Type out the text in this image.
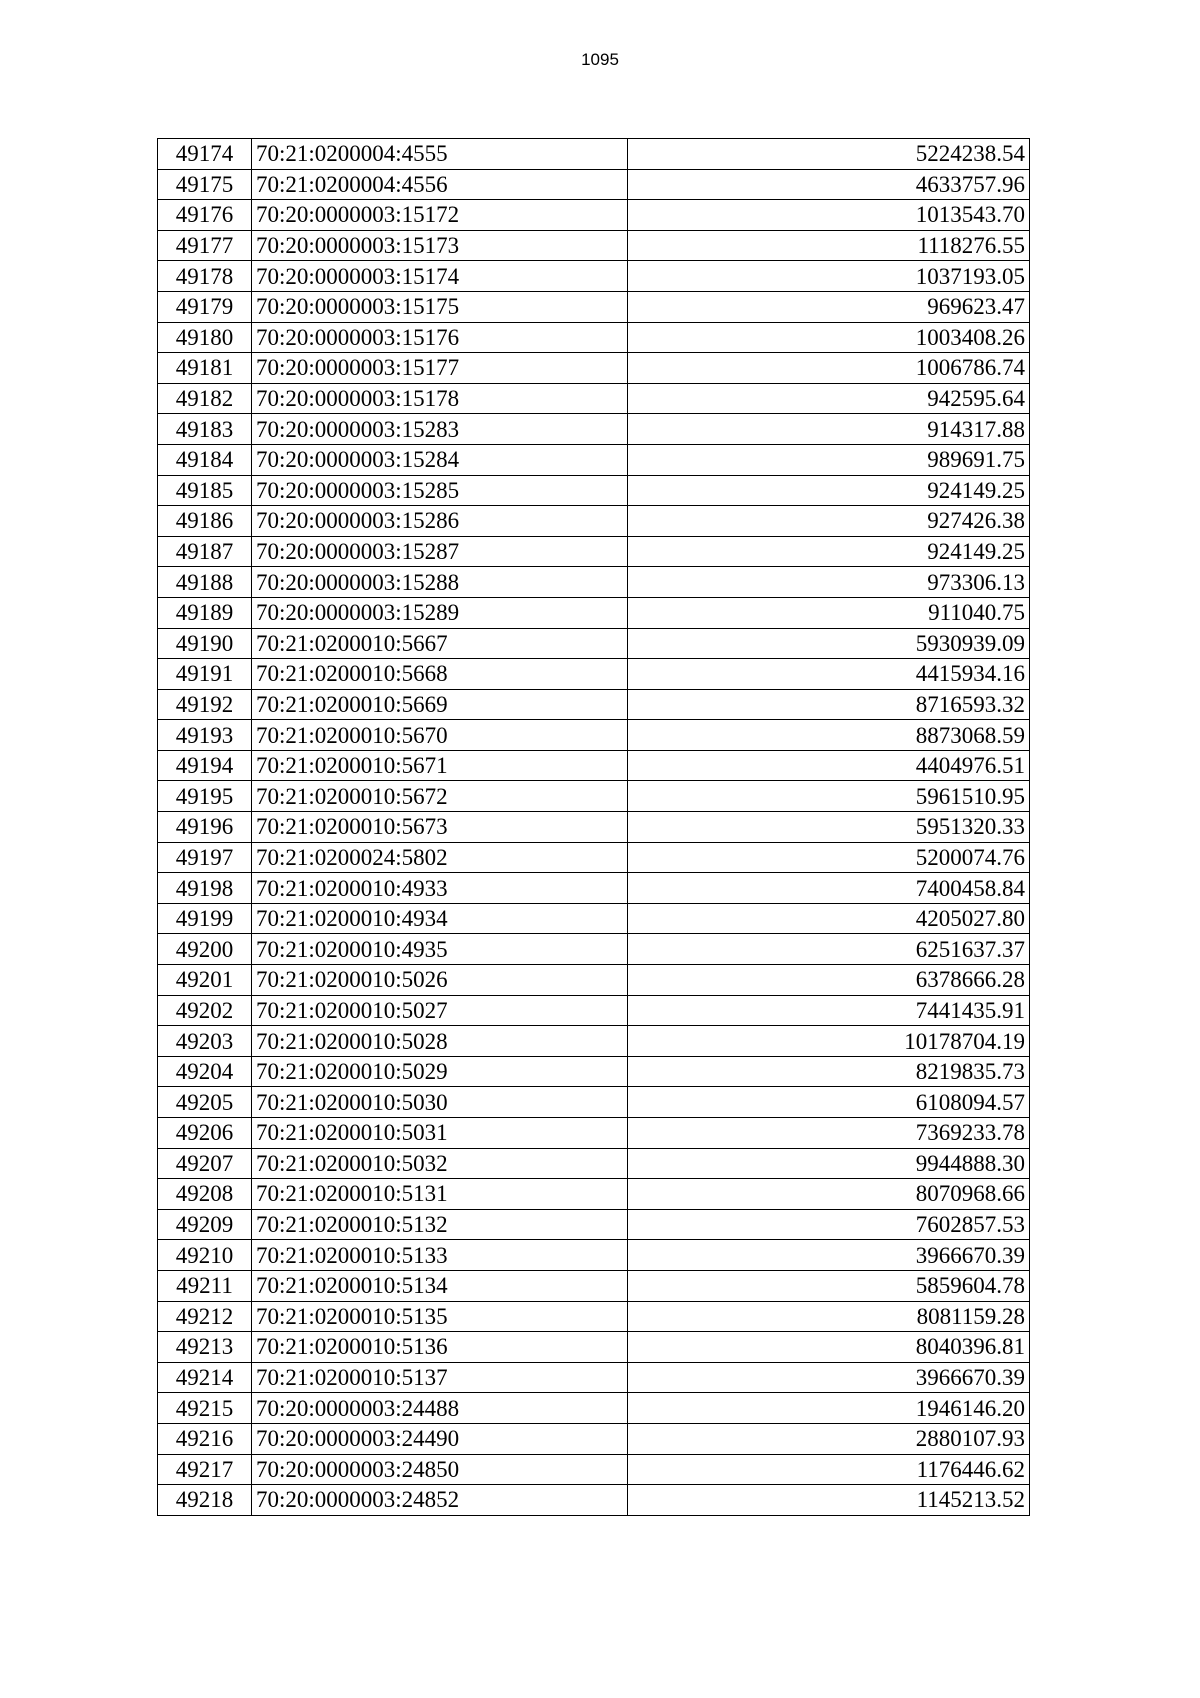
1095
49174	70:21:0200004:4555	5224238.54
49175	70:21:0200004:4556	4633757.96
49176	70:20:0000003:15172	1013543.70
49177	70:20:0000003:15173	1118276.55
49178	70:20:0000003:15174	1037193.05
49179	70:20:0000003:15175	969623.47
49180	70:20:0000003:15176	1003408.26
49181	70:20:0000003:15177	1006786.74
49182	70:20:0000003:15178	942595.64
49183	70:20:0000003:15283	914317.88
49184	70:20:0000003:15284	989691.75
49185	70:20:0000003:15285	924149.25
49186	70:20:0000003:15286	927426.38
49187	70:20:0000003:15287	924149.25
49188	70:20:0000003:15288	973306.13
49189	70:20:0000003:15289	911040.75
49190	70:21:0200010:5667	5930939.09
49191	70:21:0200010:5668	4415934.16
49192	70:21:0200010:5669	8716593.32
49193	70:21:0200010:5670	8873068.59
49194	70:21:0200010:5671	4404976.51
49195	70:21:0200010:5672	5961510.95
49196	70:21:0200010:5673	5951320.33
49197	70:21:0200024:5802	5200074.76
49198	70:21:0200010:4933	7400458.84
49199	70:21:0200010:4934	4205027.80
49200	70:21:0200010:4935	6251637.37
49201	70:21:0200010:5026	6378666.28
49202	70:21:0200010:5027	7441435.91
49203	70:21:0200010:5028	10178704.19
49204	70:21:0200010:5029	8219835.73
49205	70:21:0200010:5030	6108094.57
49206	70:21:0200010:5031	7369233.78
49207	70:21:0200010:5032	9944888.30
49208	70:21:0200010:5131	8070968.66
49209	70:21:0200010:5132	7602857.53
49210	70:21:0200010:5133	3966670.39
49211	70:21:0200010:5134	5859604.78
49212	70:21:0200010:5135	8081159.28
49213	70:21:0200010:5136	8040396.81
49214	70:21:0200010:5137	3966670.39
49215	70:20:0000003:24488	1946146.20
49216	70:20:0000003:24490	2880107.93
49217	70:20:0000003:24850	1176446.62
49218	70:20:0000003:24852	1145213.52
